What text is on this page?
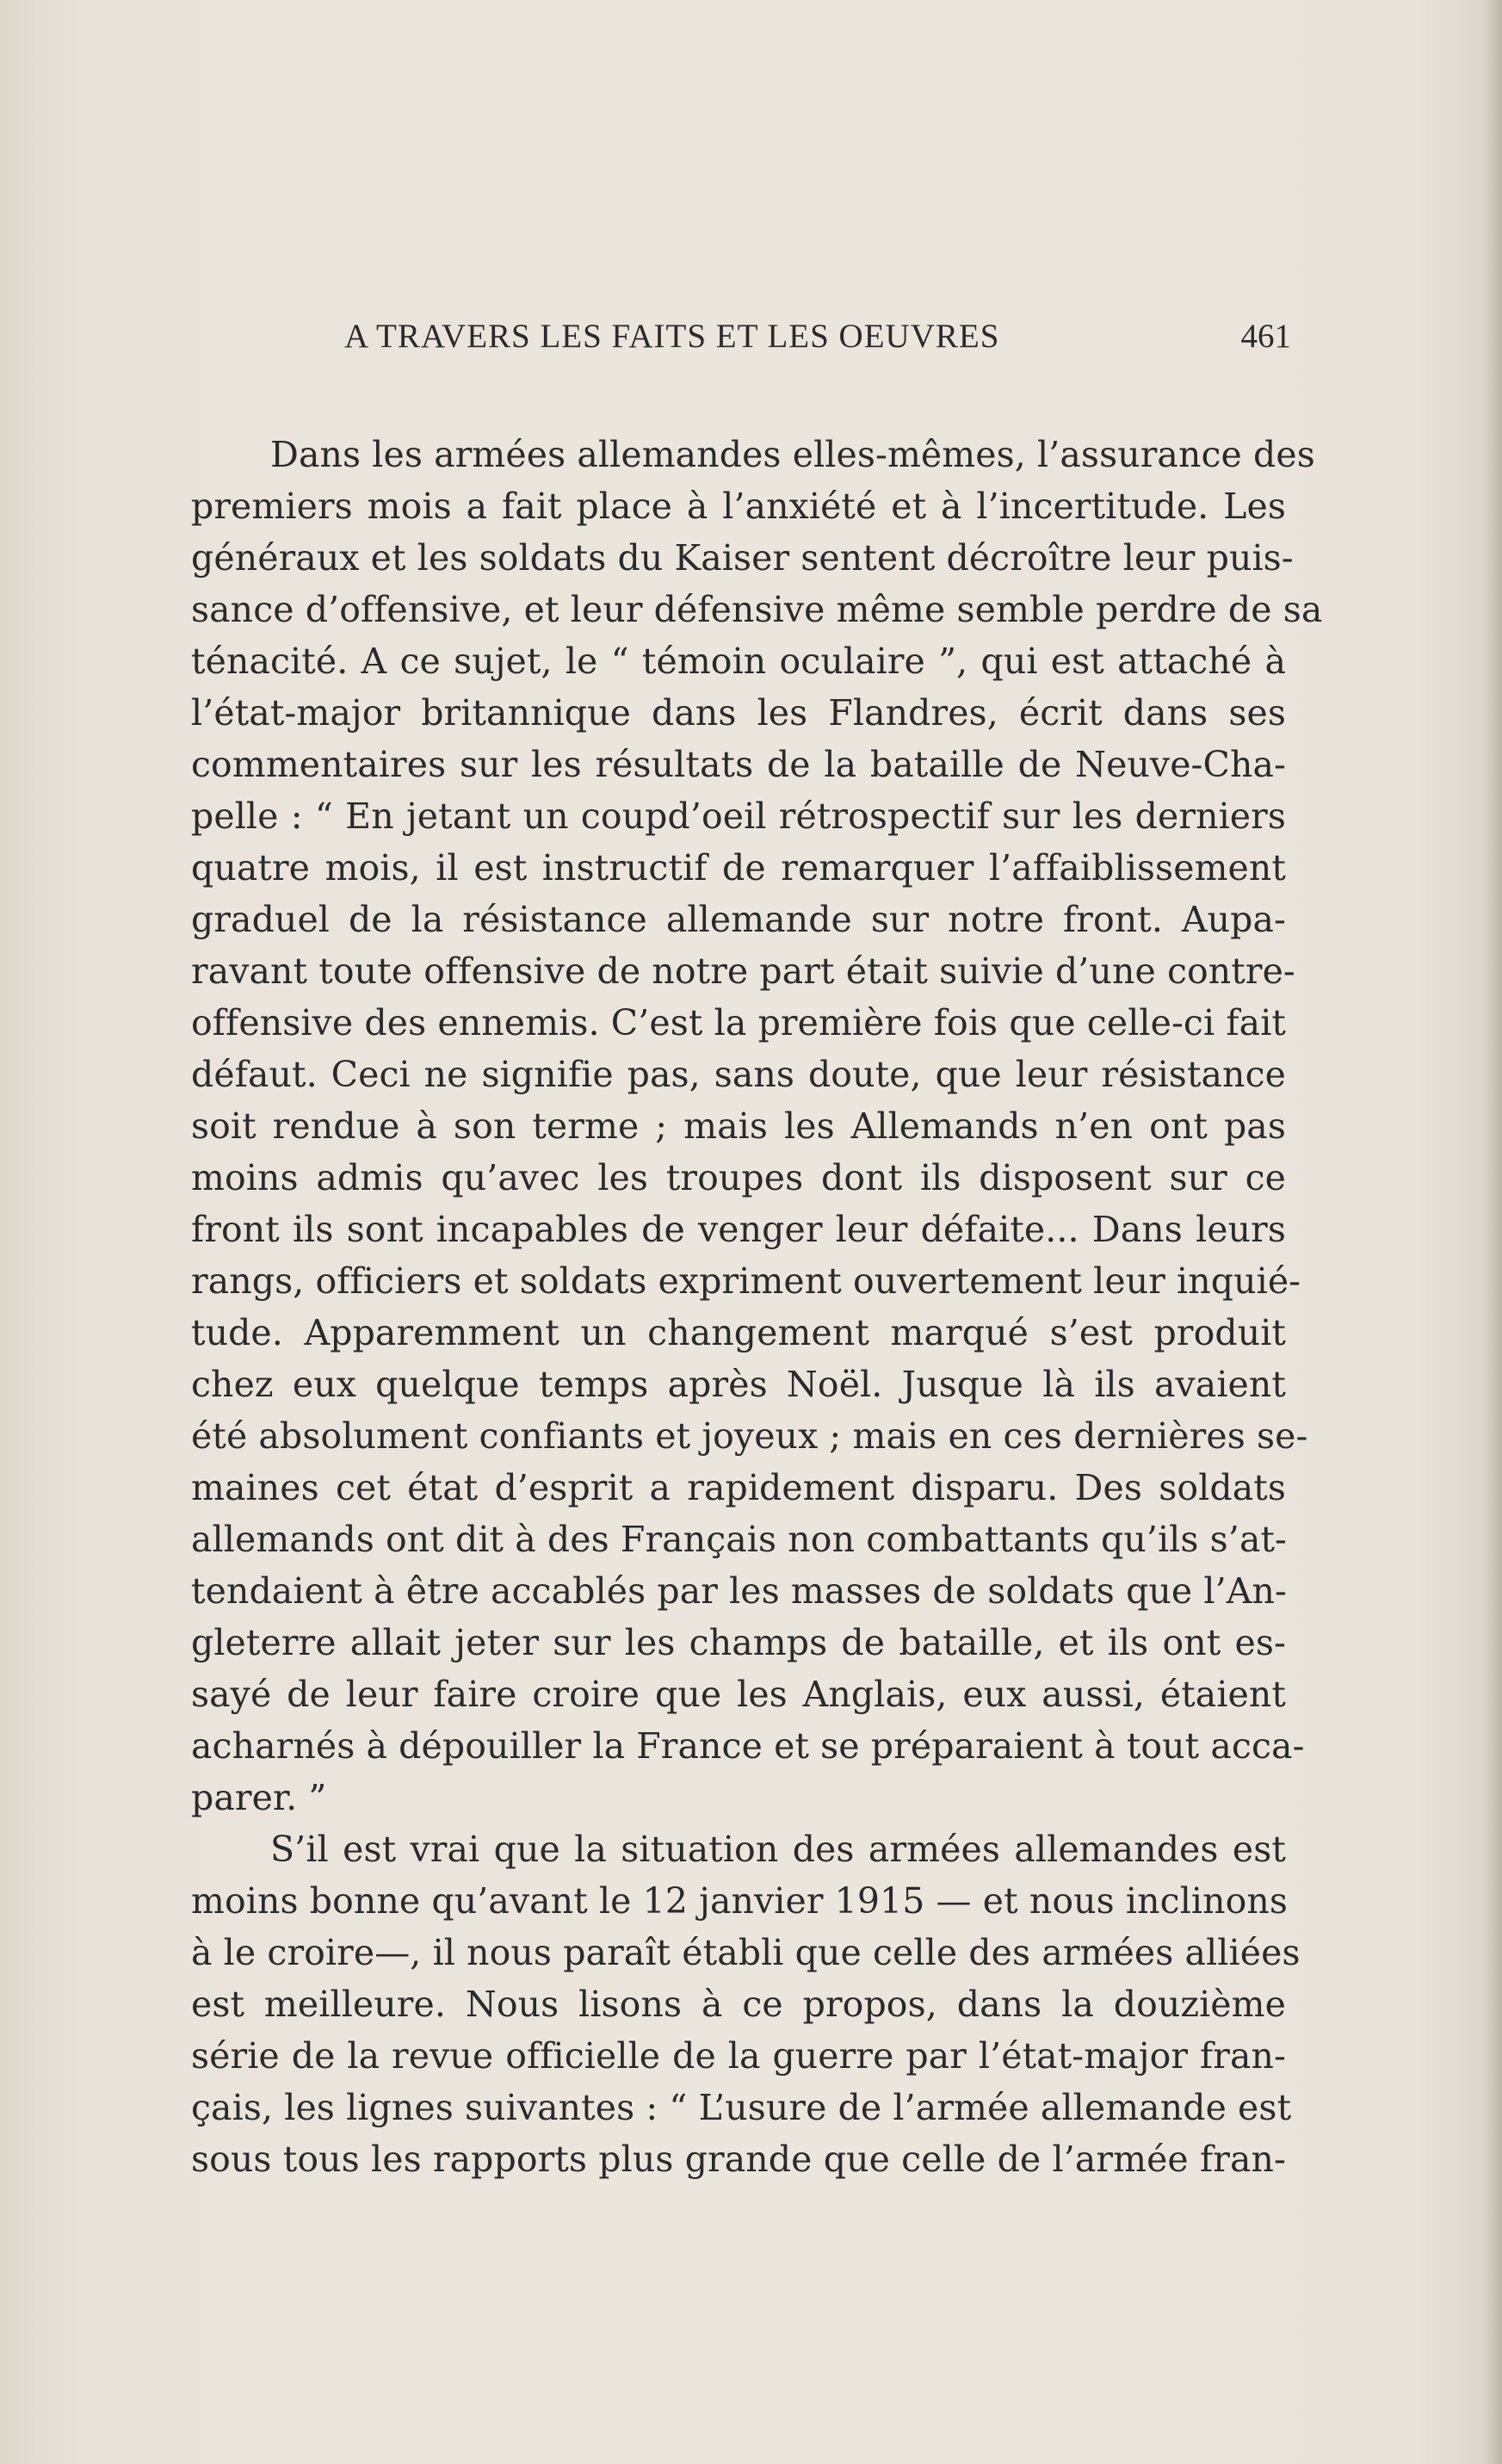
A TRAVERS LES FAITS ET LES OEUVRES	461
Dans les armées allemandes elles-mêmes, l’assurance des
premiers mois a fait place à l’anxiété et à l’incertitude. Les
généraux et les soldats du Kaiser sentent décroître leur puis-
sance d’offensive, et leur défensive même semble perdre de sa
ténacité. A ce sujet, le “ témoin oculaire ”, qui est attaché à
l’état-major britannique dans les Flandres, écrit dans ses
commentaires sur les résultats de la bataille de Neuve-Cha-
pelle : “ En jetant un coupd’oeil rétrospectif sur les derniers
quatre mois, il est instructif de remarquer l’affaiblissement
graduel de la résistance allemande sur notre front. Aupa-
ravant toute offensive de notre part était suivie d’une contre-
offensive des ennemis. C’est la première fois que celle-ci fait
défaut. Ceci ne signifie pas, sans doute, que leur résistance
soit rendue à son terme ; mais les Allemands n’en ont pas
moins admis qu’avec les troupes dont ils disposent sur ce
front ils sont incapables de venger leur défaite... Dans leurs
rangs, officiers et soldats expriment ouvertement leur inquié-
tude. Apparemment un changement marqué s’est produit
chez eux quelque temps après Noël. Jusque là ils avaient
été absolument confiants et joyeux ; mais en ces dernières se-
maines cet état d’esprit a rapidement disparu. Des soldats
allemands ont dit à des Français non combattants qu’ils s’at-
tendaient à être accablés par les masses de soldats que l’An-
gleterre allait jeter sur les champs de bataille, et ils ont es-
sayé de leur faire croire que les Anglais, eux aussi, étaient
acharnés à dépouiller la France et se préparaient à tout acca-
parer. ”
S’il est vrai que la situation des armées allemandes est
moins bonne qu’avant le 12 janvier 1915 — et nous inclinons
à le croire—, il nous paraît établi que celle des armées alliées
est meilleure. Nous lisons à ce propos, dans la douzième
série de la revue officielle de la guerre par l’état-major fran-
çais, les lignes suivantes : “ L’usure de l’armée allemande est
sous tous les rapports plus grande que celle de l’armée fran-
